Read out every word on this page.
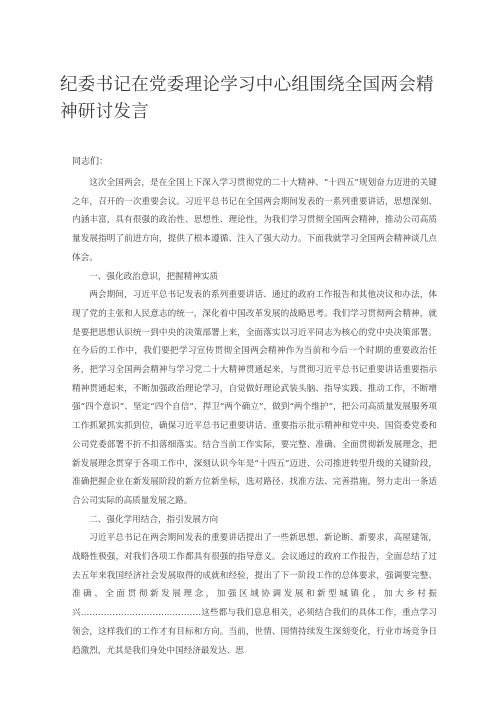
纪委书记在党委理论学习中心组围绕全国两会精神研讨发言

同志们：

这次全国两会，是在全国上下深入学习贯彻党的二十大精神、“十四五”规划奋力迈进的关键之年，召开的一次重要会议。习近平总书记在全国两会期间发表的一系列重要讲话，思想深刻、内涵丰富，具有很强的政治性、思想性、理论性，为我们学习贯彻全国两会精神，推动公司高质量发展指明了前进方向，提供了根本遵循、注入了强大动力。下面我就学习全国两会精神谈几点体会。

一、强化政治意识，把握精神实质

两会期间，习近平总书记发表的系列重要讲话、通过的政府工作报告和其他决议和办法，体现了党的主张和人民意志的统一，深化着中国改革发展的战略思考。我们学习贯彻两会精神，就是要把思想认识统一到中央的决策部署上来，全面落实以习近平同志为核心的党中央决策部署。在今后的工作中，我们要把学习宣传贯彻全国两会精神作为当前和今后一个时期的重要政治任务，把学习全国两会精神与学习党二十大精神贯通起来，与贯彻习近平总书记重要讲话重要指示精神贯通起来，不断加强政治理论学习，自觉做好理论武装头脑、指导实践、推动工作，不断增强“四个意识”、坚定“四个自信”、捍卫“两个确立”，做到“两个维护”，把公司高质量发展服务项工作抓紧抓实抓到位，确保习近平总书记重要讲话、重要指示批示精神和党中央、国资委党委和公司党委部署不折不扣落细落实。结合当前工作实际，要完整、准确、全面贯彻新发展理念，把新发展理念贯穿于各项工作中，深刻认识今年是“十四五”迈进、公司推进转型升级的关键阶段，准确把握企业在新发展阶段的新方位新坐标，选对路径、找准方法、完善措施，努力走出一条适合公司实际的高质量发展之路。

二、强化学用结合，指引发展方向

习近平总书记在两会期间发表的重要讲话提出了一些新思想、新论断、新要求，高屋建瓴，战略性极强，对我们各项工作都具有很强的指导意义。会议通过的政府工作报告，全面总结了过去五年来我国经济社会发展取得的成就和经验，提出了下一阶段工作的总体要求，强调要完整、准确、全面贯彻新发展理念，加强区域协调发展和新型城镇化，加大乡村振兴……………………………………这些都与我们息息相关，必须结合我们的具体工作，重点学习领会，这样我们的工作才有目标和方向。当前，世情、国情持续发生深刻变化，行业市场竞争日趋激烈，尤其是我们身处中国经济最发达、思
